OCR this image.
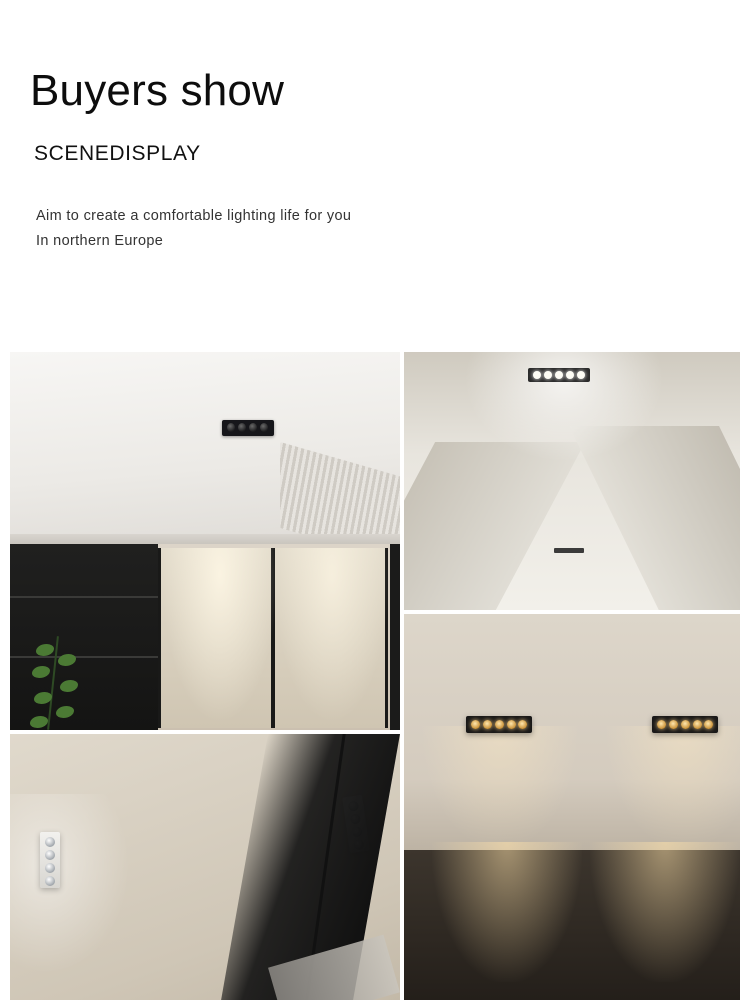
Buyers show
SCENEDISPLAY
Aim to create a comfortable lighting life for you
In northern Europe
